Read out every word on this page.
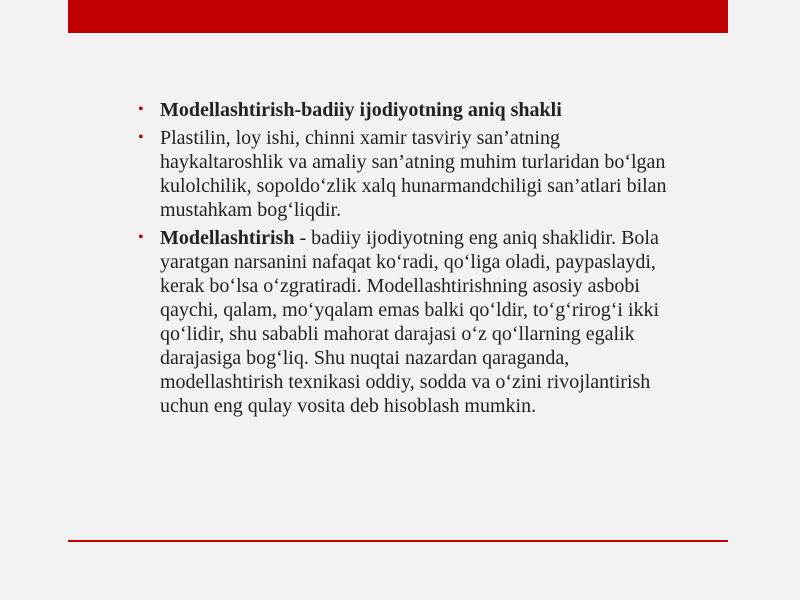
• Modellashtirish-badiiy ijodiyotning aniq shakli
• Plastilin, loy ishi, chinni xamir tasviriy san’atning haykaltaroshlik va amaliy san’atning muhim turlaridan bo‘lgan kulolchilik, sopoldo‘zlik xalq hunarmandchiligi san’atlari bilan mustahkam bog‘liqdir.
• Modellashtirish - badiiy ijodiyotning eng aniq shaklidir. Bola yaratgan narsanini nafaqat ko‘radi, qo‘liga oladi, paypaslaydi, kerak bo‘lsa o‘zgratiradi. Modellashtirishning asosiy asbobi qaychi, qalam, mo‘yqalam emas balki qo‘ldir, to‘g‘rirog‘i ikki qo‘lidir, shu sababli mahorat darajasi o‘z qo‘llarning egalik darajasiga bog‘liq. Shu nuqtai nazardan qaraganda, modellashtirish texnikasi oddiy, sodda va o‘zini rivojlantirish uchun eng qulay vosita deb hisoblash mumkin.
